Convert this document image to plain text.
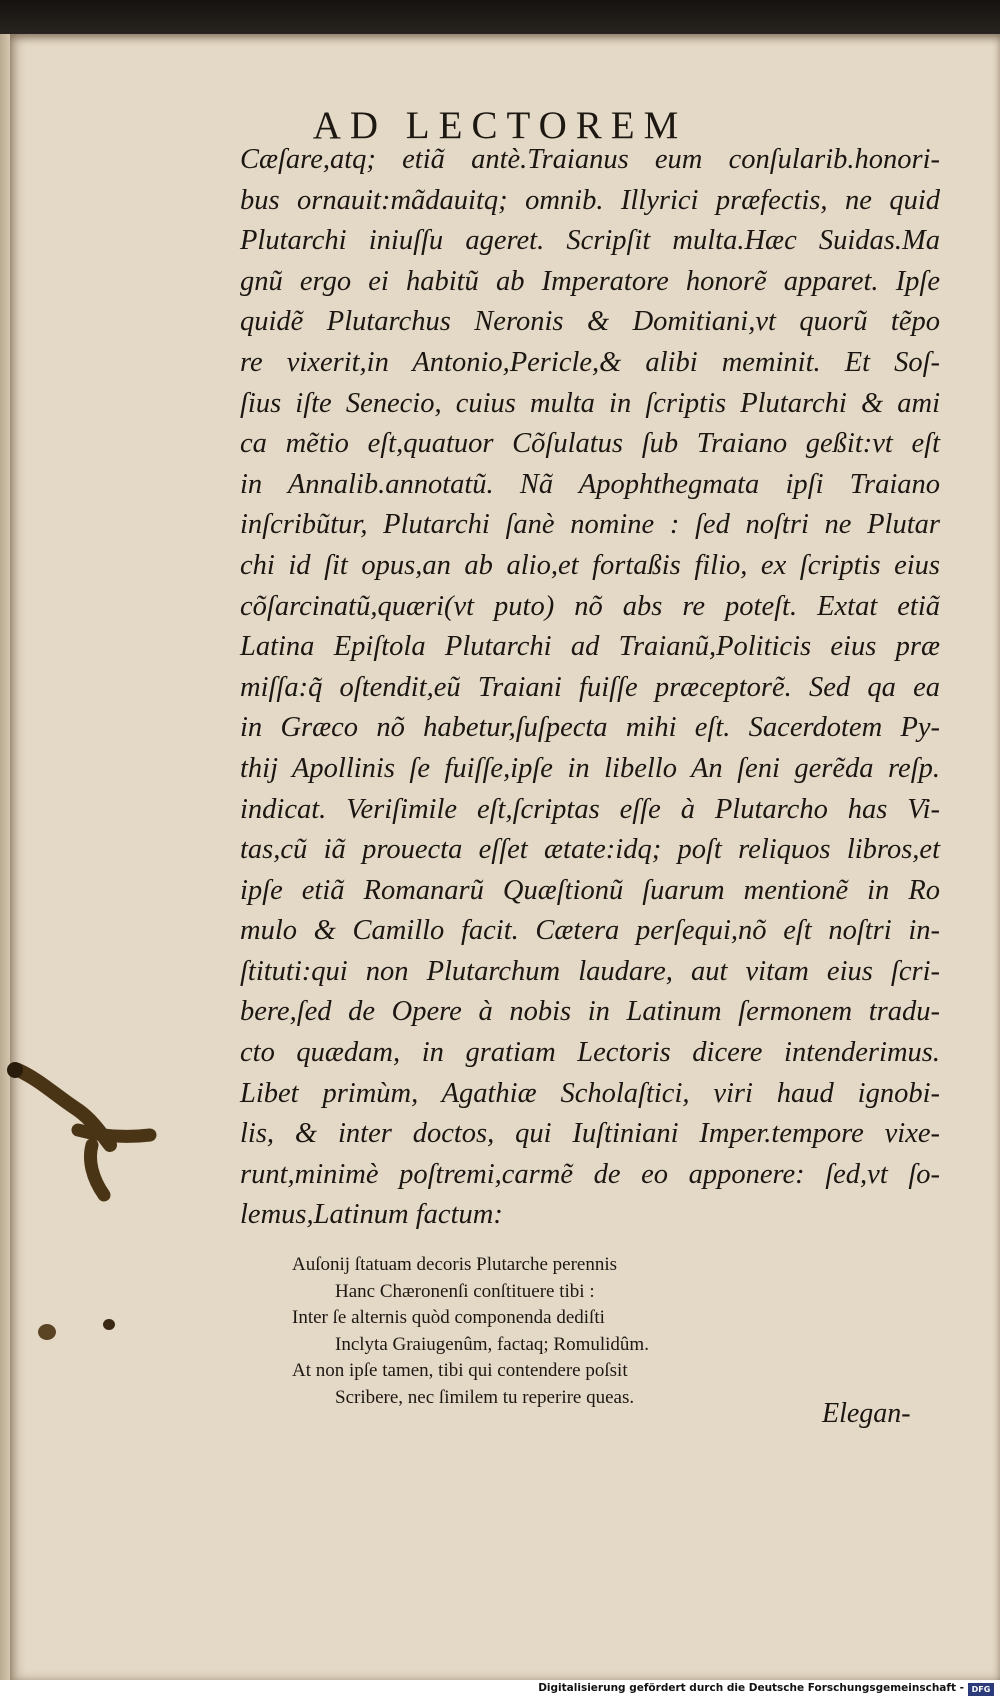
AD LECTOREM
Cæſare,atq; etiã antè.Traianus eum conſularib.honori-
bus ornauit:mãdauitq; omnib. Illyrici præfectis, ne quid
Plutarchi iniuſſu ageret. Scripſit multa.Hæc Suidas.Ma
gnũ ergo ei habitũ ab Imperatore honorẽ apparet. Ipſe
quidẽ Plutarchus Neronis & Domitiani,vt quorũ tẽpo
re vixerit,in Antonio,Pericle,& alibi meminit. Et Soſ-
ſius iſte Senecio, cuius multa in ſcriptis Plutarchi & ami
ca mẽtio eſt,quatuor Cõſulatus ſub Traiano geßit:vt eſt
in Annalib.annotatũ. Nã Apophthegmata ipſi Traiano
inſcribũtur, Plutarchi ſanè nomine : ſed noſtri ne Plutar
chi id ſit opus,an ab alio,et fortaßis filio, ex ſcriptis eius
cõſarcinatũ,quæri(vt puto) nõ abs re poteſt. Extat etiã
Latina Epiſtola Plutarchi ad Traianũ,Politicis eius præ
miſſa:q̃ oſtendit,eũ Traiani fuiſſe præceptorẽ. Sed qa ea
in Græco nõ habetur,ſuſpecta mihi eſt. Sacerdotem Py-
thij Apollinis ſe fuiſſe,ipſe in libello An ſeni gerẽda reſp.
indicat. Veriſimile eſt,ſcriptas eſſe à Plutarcho has Vi-
tas,cũ iã prouecta eſſet ætate:idq; poſt reliquos libros,et
ipſe etiã Romanarũ Quæſtionũ ſuarum mentionẽ in Ro
mulo & Camillo facit. Cætera perſequi,nõ eſt noſtri in-
ſtituti:qui non Plutarchum laudare, aut vitam eius ſcri-
bere,ſed de Opere à nobis in Latinum ſermonem tradu-
cto quædam, in gratiam Lectoris dicere intenderimus.
Libet primùm, Agathiæ Scholaſtici, viri haud ignobi-
lis, & inter doctos, qui Iuſtiniani Imper.tempore vixe-
runt,minimè poſtremi,carmẽ de eo apponere: ſed,vt ſo-
lemus,Latinum factum:
Auſonij ſtatuam decoris Plutarche perennis
Hanc Chæronenſi conſtituere tibi :
Inter ſe alternis quòd componenda dediſti
Inclyta Graiugenûm, factaq; Romulidûm.
At non ipſe tamen, tibi qui contendere poſsit
Scribere, nec ſimilem tu reperire queas.
Elegan-
Digitalisierung gefördert durch die Deutsche Forschungsgemeinschaft - DFG
